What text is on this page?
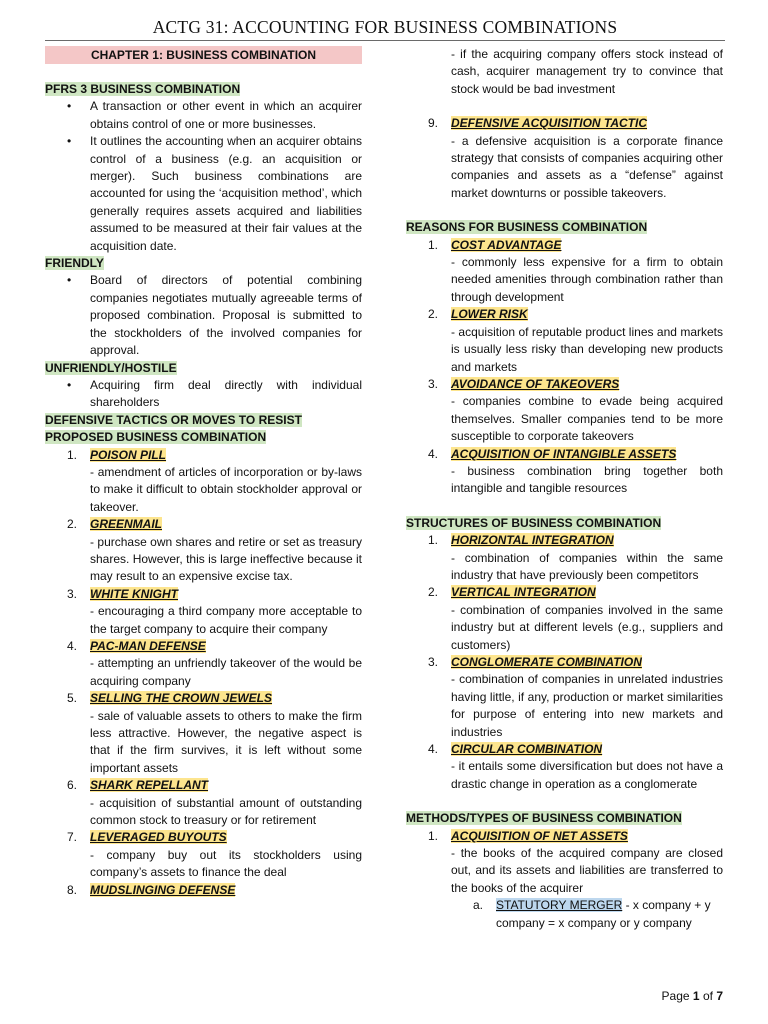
ACTG 31: ACCOUNTING FOR BUSINESS COMBINATIONS
CHAPTER 1: BUSINESS COMBINATION
PFRS 3 BUSINESS COMBINATION
• A transaction or other event in which an acquirer obtains control of one or more businesses.
• It outlines the accounting when an acquirer obtains control of a business (e.g. an acquisition or merger). Such business combinations are accounted for using the ‘acquisition method’, which generally requires assets acquired and liabilities assumed to be measured at their fair values at the acquisition date.
FRIENDLY
• Board of directors of potential combining companies negotiates mutually agreeable terms of proposed combination. Proposal is submitted to the stockholders of the involved companies for approval.
UNFRIENDLY/HOSTILE
• Acquiring firm deal directly with individual shareholders
DEFENSIVE TACTICS OR MOVES TO RESIST PROPOSED BUSINESS COMBINATION
1. POISON PILL
- amendment of articles of incorporation or by-laws to make it difficult to obtain stockholder approval or takeover.
2. GREENMAIL
- purchase own shares and retire or set as treasury shares. However, this is large ineffective because it may result to an expensive excise tax.
3. WHITE KNIGHT
- encouraging a third company more acceptable to the target company to acquire their company
4. PAC-MAN DEFENSE
- attempting an unfriendly takeover of the would be acquiring company
5. SELLING THE CROWN JEWELS
- sale of valuable assets to others to make the firm less attractive. However, the negative aspect is that if the firm survives, it is left without some important assets
6. SHARK REPELLANT
- acquisition of substantial amount of outstanding common stock to treasury or for retirement
7. LEVERAGED BUYOUTS
- company buy out its stockholders using company’s assets to finance the deal
8. MUDSLINGING DEFENSE
- if the acquiring company offers stock instead of cash, acquirer management try to convince that stock would be bad investment
9. DEFENSIVE ACQUISITION TACTIC
- a defensive acquisition is a corporate finance strategy that consists of companies acquiring other companies and assets as a “defense” against market downturns or possible takeovers.
REASONS FOR BUSINESS COMBINATION
1. COST ADVANTAGE
- commonly less expensive for a firm to obtain needed amenities through combination rather than through development
2. LOWER RISK
- acquisition of reputable product lines and markets is usually less risky than developing new products and markets
3. AVOIDANCE OF TAKEOVERS
- companies combine to evade being acquired themselves. Smaller companies tend to be more susceptible to corporate takeovers
4. ACQUISITION OF INTANGIBLE ASSETS
- business combination bring together both intangible and tangible resources
STRUCTURES OF BUSINESS COMBINATION
1. HORIZONTAL INTEGRATION
- combination of companies within the same industry that have previously been competitors
2. VERTICAL INTEGRATION
- combination of companies involved in the same industry but at different levels (e.g., suppliers and customers)
3. CONGLOMERATE COMBINATION
- combination of companies in unrelated industries having little, if any, production or market similarities for purpose of entering into new markets and industries
4. CIRCULAR COMBINATION
- it entails some diversification but does not have a drastic change in operation as a conglomerate
METHODS/TYPES OF BUSINESS COMBINATION
1. ACQUISITION OF NET ASSETS
- the books of the acquired company are closed out, and its assets and liabilities are transferred to the books of the acquirer
a. STATUTORY MERGER - x company + y company = x company or y company
Page 1 of 7
